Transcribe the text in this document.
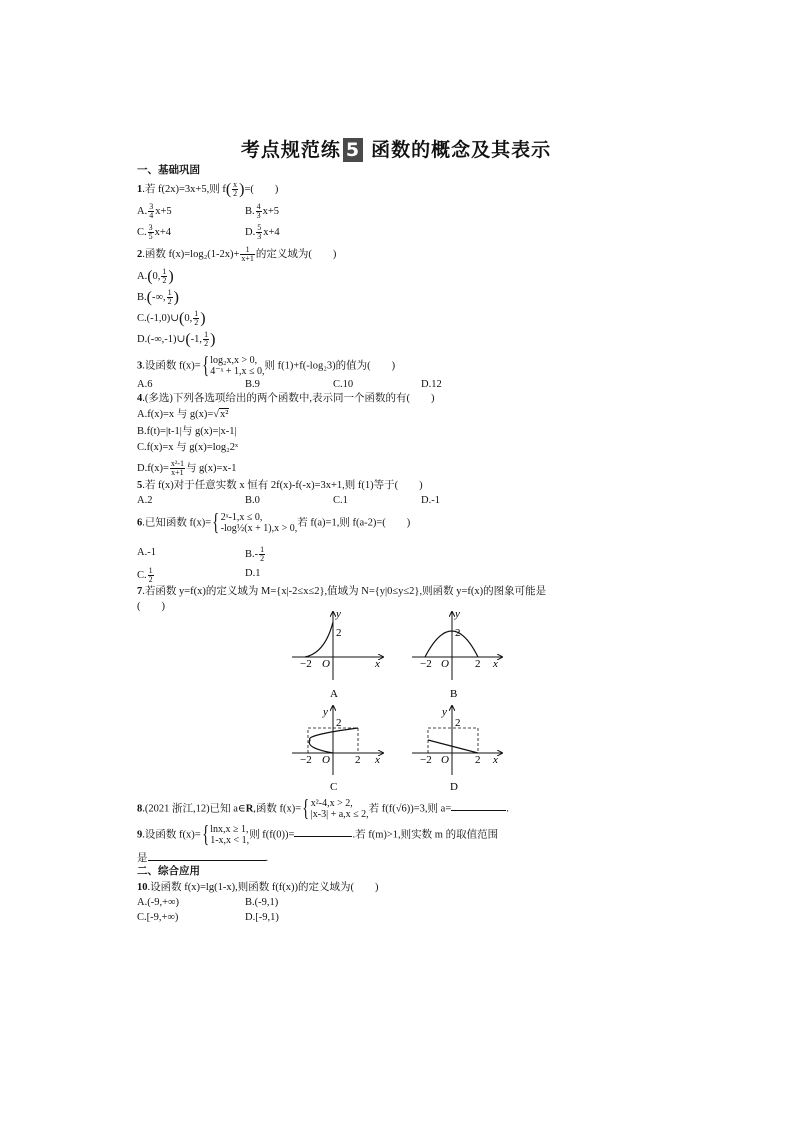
考点规范练 5 函数的概念及其表示
一、基础巩固
1.若 f(2x)=3x+5,则 $f( \frac{x}{2}$ )=(　　)
A. $\frac{3}{4} x+5$	B. $\frac{4}{3} x+5$
C. $\frac{3}{5} x+4$	D. $\frac{5}{3} x+4$
2.函数 $f(x)=\log_2(1-2x)+ \frac{1}{x+1}$ 的定义域为(　　)
A.(0, $\frac{1}{2}$ )
B.(-∞, $\frac{1}{2}$ )
C.(-1,0)∪(0, $\frac{1}{2}$ )
D.(-∞,-1)∪(-1, $\frac{1}{2}$ )
3.设函数 f(x)={ log₂x,x > 0,
4⁻ˣ + 1,x ≤ 0,
则 f(1)+f(-log₂3)的值为(　　)
A.6	B.9	C.10	D.12
4.(多选)下列各选项给出的两个函数中,表示同一个函数的有(　　)
A.f(x)=x 与 g(x)=√x²
B.f(t)=|t-1|与 g(x)=|x-1|
C.f(x)=x 与 g(x)=log₂2ˣ
$D.f(x)= \frac{\text{x²-1}}{x+1}$ 与 g(x)=x-1
5.若 f(x)对于任意实数 x 恒有 2f(x)-f(-x)=3x+1,则 f(1)等于(　　)
A.2	B.0	C.1	D.-1
6.已知函数 f(x)={ 2ˣ-1,x ≤ 0,
-log½(x + 1),x > 0,
若 f(a)=1,则 f(a-2)=(　　)
A.-1	$B.- \frac{1}{2}$
C. $\frac{1}{2}$	D.1
7.若函数 y=f(x)的定义域为 M={x|-2≤x≤2},值域为 N={y|0≤y≤2},则函数 y=f(x)的图象可能是
(　　)
y
x
O
−2
2
A
y
x
O
−2	2
2
B
y
x
O
−2	2
2
C
y
x
O
−2	2
2
D
8.(2021 浙江,12)已知 a∈R,函数 f(x)={ x²-4,x > 2,
|x-3| + a,x ≤ 2,
若 f(f(√6))=3,则 a=	.
9.设函数 f(x)={ lnx,x ≥ 1,
1-x,x < 1,
则 f(f(0))=	.若 f(m)>1,则实数 m 的取值范围
是	.
二、综合应用
10.设函数 f(x)=lg(1-x),则函数 f(f(x))的定义域为(　　)
A.(-9,+∞)	B.(-9,1)
C.[-9,+∞)	D.[-9,1)
